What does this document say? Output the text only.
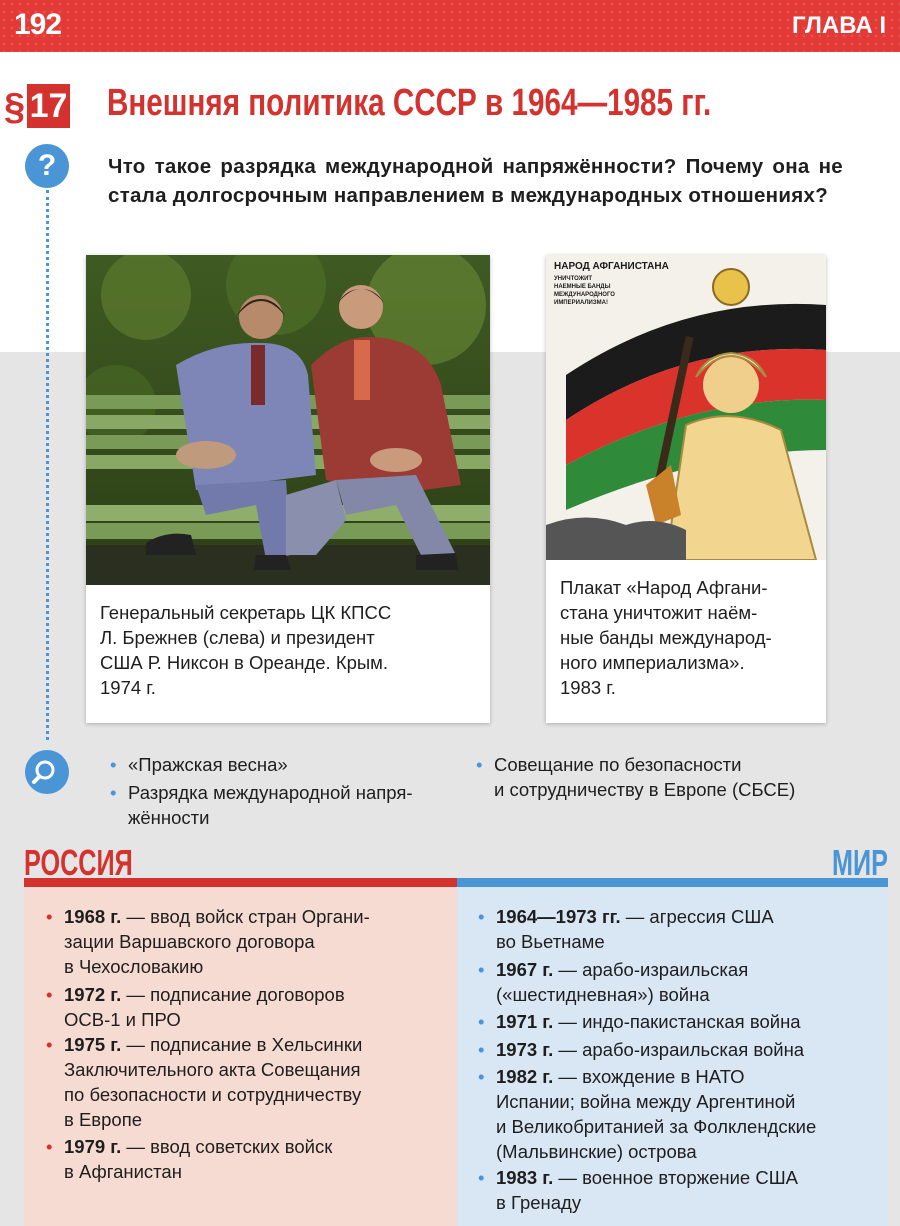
192	ГЛАВА I
§ 17 Внешняя политика СССР в 1964—1985 гг.
?	Что такое разрядка международной напряжённости? Почему она не стала долгосрочным направлением в международных отношениях?
Генеральный секретарь ЦК КПСС
Л. Брежнев (слева) и президент
США Р. Никсон в Ореанде. Крым.
1974 г.
НАРОД АФГАНИСТАНА
УНИЧТОЖИТ
НАЕМНЫЕ БАНДЫ
МЕЖДУНАРОДНОГО
ИМПЕРИАЛИЗМА!
Плакат «Народ Афгани-
стана уничтожит наём-
ные банды международ-
ного империализма».
1983 г.
• «Пражская весна»
• Разрядка международной напря-
жённости
• Совещание по безопасности
и сотрудничеству в Европе (СБСЕ)
РОССИЯ	МИР
• 1968 г. — ввод войск стран Органи-
зации Варшавского договора
в Чехословакию
• 1972 г. — подписание договоров
ОСВ-1 и ПРО
• 1975 г. — подписание в Хельсинки
Заключительного акта Совещания
по безопасности и сотрудничеству
в Европе
• 1979 г. — ввод советских войск
в Афганистан
• 1964—1973 гг. — агрессия США
во Вьетнаме
• 1967 г. — арабо-израильская
(«шестидневная») война
• 1971 г. — индо-пакистанская война
• 1973 г. — арабо-израильская война
• 1982 г. — вхождение в НАТО
Испании; война между Аргентиной
и Великобританией за Фолклендские
(Мальвинские) острова
• 1983 г. — военное вторжение США
в Гренаду
